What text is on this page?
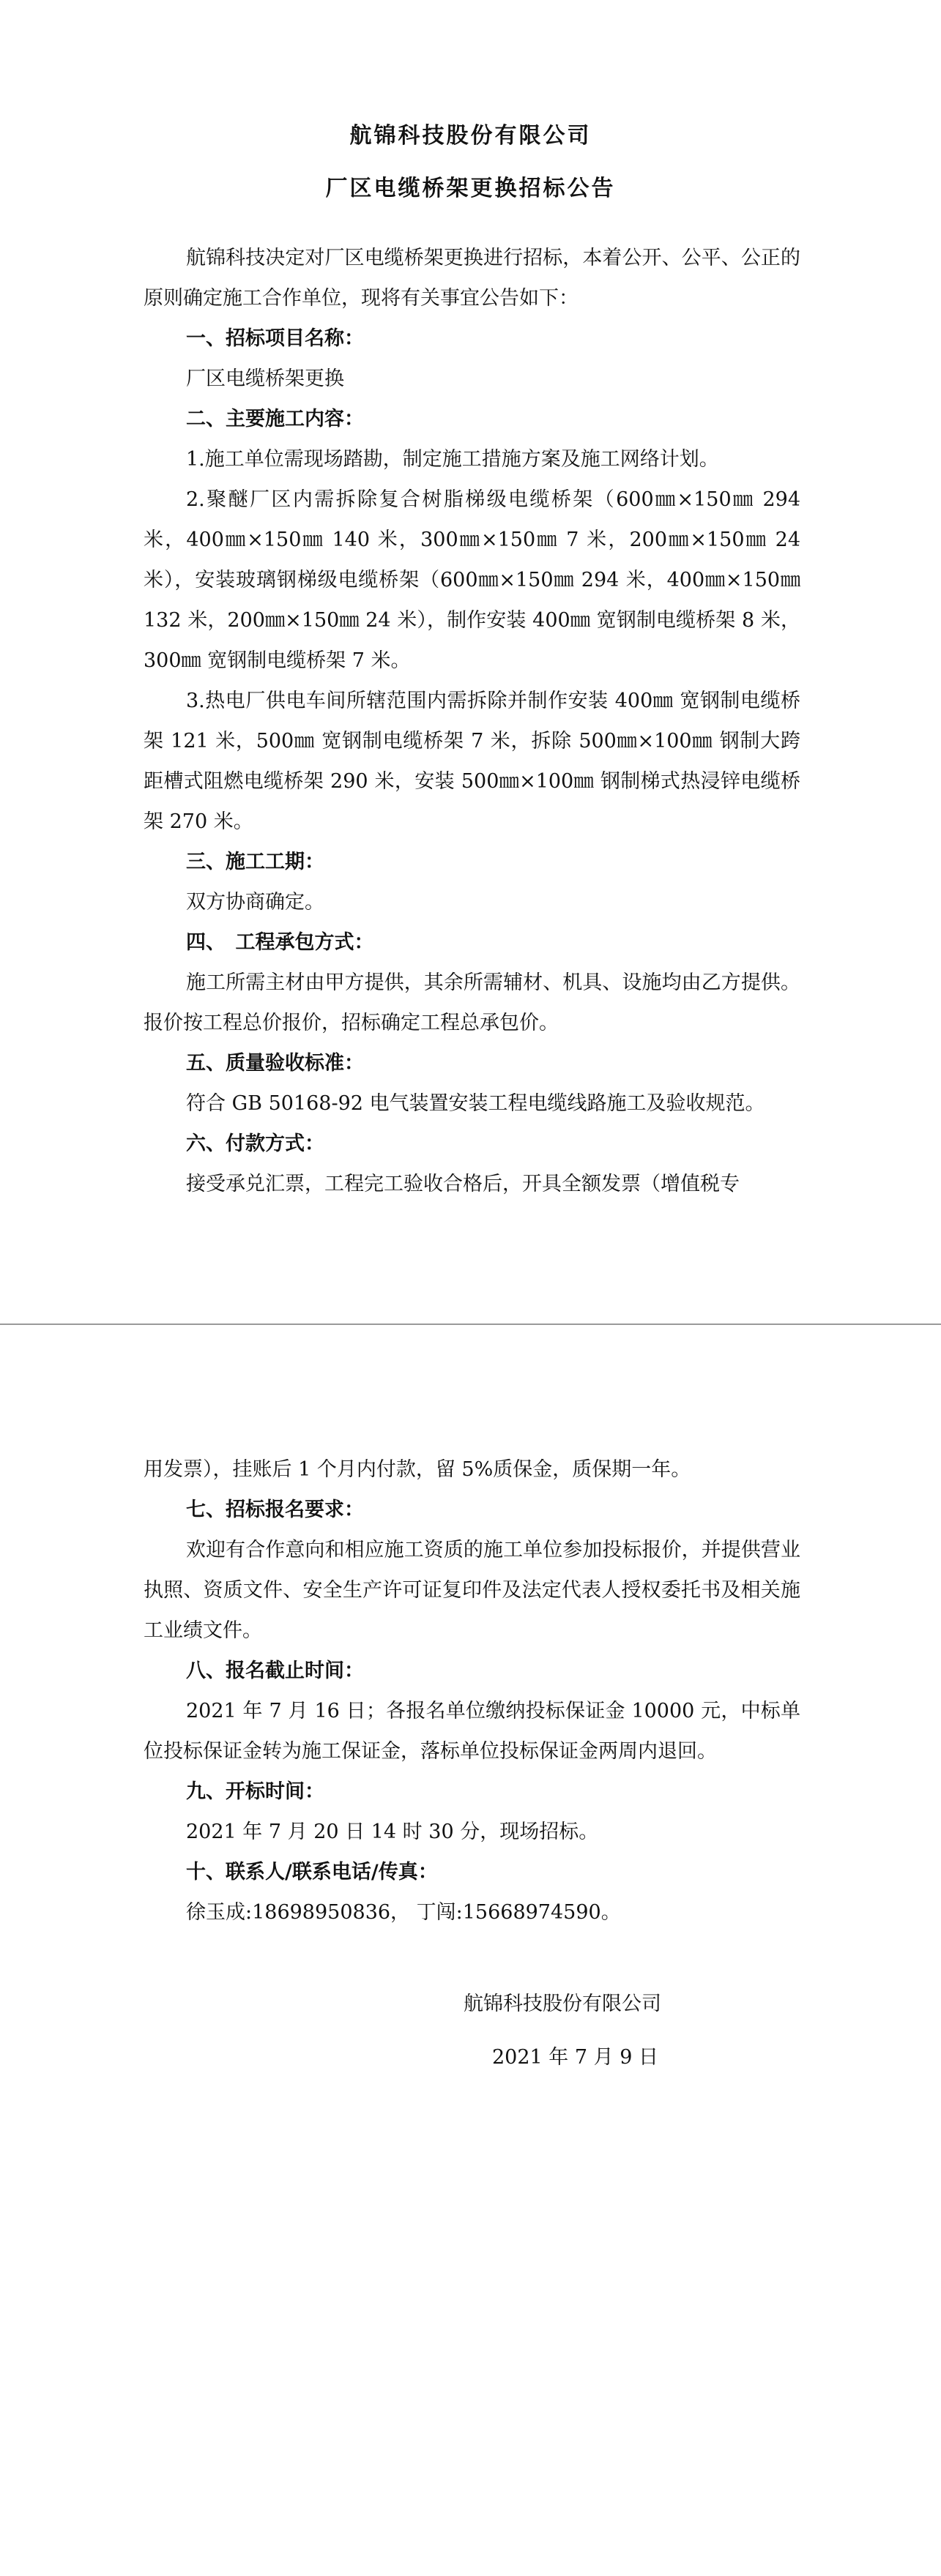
航锦科技股份有限公司
厂区电缆桥架更换招标公告

航锦科技决定对厂区电缆桥架更换进行招标，本着公开、公平、公正的原则确定施工合作单位，现将有关事宜公告如下：

一、招标项目名称：

厂区电缆桥架更换

二、主要施工内容：

1.施工单位需现场踏勘，制定施工措施方案及施工网络计划。

2.聚醚厂区内需拆除复合树脂梯级电缆桥架（600㎜×150㎜ 294 米，400㎜×150㎜ 140 米，300㎜×150㎜ 7 米，200㎜×150㎜ 24 米），安装玻璃钢梯级电缆桥架（600㎜×150㎜ 294 米，400㎜×150㎜ 132 米，200㎜×150㎜ 24 米），制作安装 400㎜ 宽钢制电缆桥架 8 米，300㎜ 宽钢制电缆桥架 7 米。

3.热电厂供电车间所辖范围内需拆除并制作安装 400㎜ 宽钢制电缆桥架 121 米，500㎜ 宽钢制电缆桥架 7 米，拆除 500㎜×100㎜ 钢制大跨距槽式阻燃电缆桥架 290 米，安装 500㎜×100㎜ 钢制梯式热浸锌电缆桥架 270 米。

三、施工工期：

双方协商确定。

四、　工程承包方式：

施工所需主材由甲方提供，其余所需辅材、机具、设施均由乙方提供。报价按工程总价报价，招标确定工程总承包价。

五、质量验收标准：

符合 GB 50168-92 电气装置安装工程电缆线路施工及验收规范。

六、付款方式：

接受承兑汇票，工程完工验收合格后，开具全额发票（增值税专

用发票），挂账后 1 个月内付款，留 5%质保金，质保期一年。

七、招标报名要求：

欢迎有合作意向和相应施工资质的施工单位参加投标报价，并提供营业执照、资质文件、安全生产许可证复印件及法定代表人授权委托书及相关施工业绩文件。

八、报名截止时间：

2021 年 7 月 16 日；各报名单位缴纳投标保证金 10000 元，中标单位投标保证金转为施工保证金，落标单位投标保证金两周内退回。

九、开标时间：

2021 年 7 月 20 日 14 时 30 分，现场招标。

十、联系人/联系电话/传真：

徐玉成:18698950836， 丁闯:15668974590。

航锦科技股份有限公司
2021 年 7 月 9 日
